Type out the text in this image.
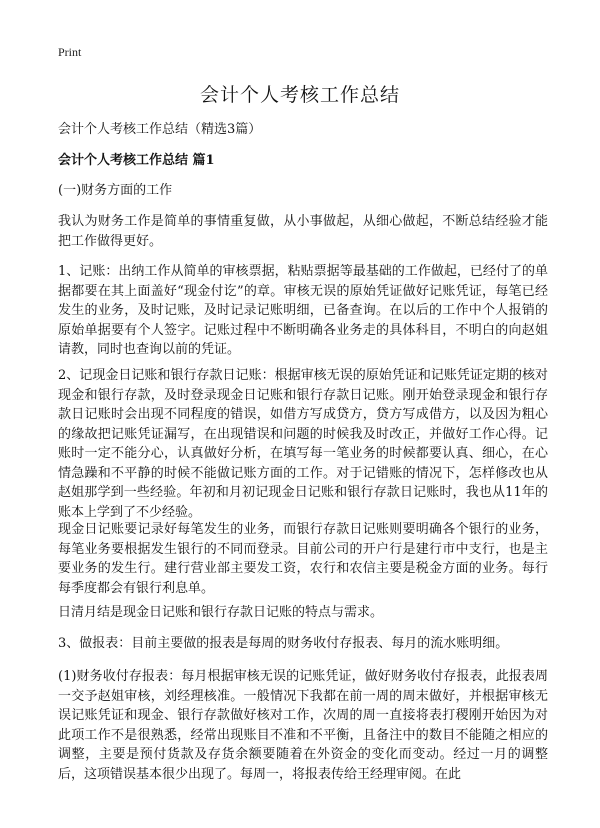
Print
会计个人考核工作总结

会计个人考核工作总结（精选3篇）

会计个人考核工作总结 篇1

(一)财务方面的工作

我认为财务工作是简单的事情重复做，从小事做起，从细心做起，不断总结经验才能把工作做得更好。

1、记账：出纳工作从简单的审核票据，粘贴票据等最基础的工作做起，已经付了的单据都要在其上面盖好“现金付讫”的章。审核无误的原始凭证做好记账凭证，每笔已经发生的业务，及时记账，及时记录记账明细，已备查询。在以后的工作中个人报销的原始单据要有个人签字。记账过程中不断明确各业务走的具体科目，不明白的向赵姐请教，同时也查询以前的凭证。

2、记现金日记账和银行存款日记账：根据审核无误的原始凭证和记账凭证定期的核对现金和银行存款，及时登录现金日记账和银行存款日记账。刚开始登录现金和银行存款日记账时会出现不同程度的错误，如借方写成贷方，贷方写成借方，以及因为粗心的缘故把记账凭证漏写，在出现错误和问题的时候我及时改正，并做好工作心得。记账时一定不能分心，认真做好分析，在填写每一笔业务的时候都要认真、细心，在心情急躁和不平静的时候不能做记账方面的工作。对于记错账的情况下，怎样修改也从赵姐那学到一些经验。年初和月初记现金日记账和银行存款日记账时，我也从11年的账本上学到了不少经验。

现金日记账要记录好每笔发生的业务，而银行存款日记账则要明确各个银行的业务，每笔业务要根据发生银行的不同而登录。目前公司的开户行是建行市中支行，也是主要业务的发生行。建行营业部主要发工资，农行和农信主要是税金方面的业务。每行每季度都会有银行利息单。

日清月结是现金日记账和银行存款日记账的特点与需求。

3、做报表：目前主要做的报表是每周的财务收付存报表、每月的流水账明细。

(1)财务收付存报表：每月根据审核无误的记账凭证，做好财务收付存报表，此报表周一交予赵姐审核，刘经理核准。一般情况下我都在前一周的周末做好，并根据审核无误记账凭证和现金、银行存款做好核对工作，次周的周一直接将表打稷刚开始因为对此项工作不是很熟悉，经常出现账目不准和不平衡，且备注中的数目不能随之相应的调整，主要是预付货款及存货余额要随着在外资金的变化而变动。经过一月的调整后，这项错误基本很少出现了。每周一，将报表传给王经理审阅。在此
